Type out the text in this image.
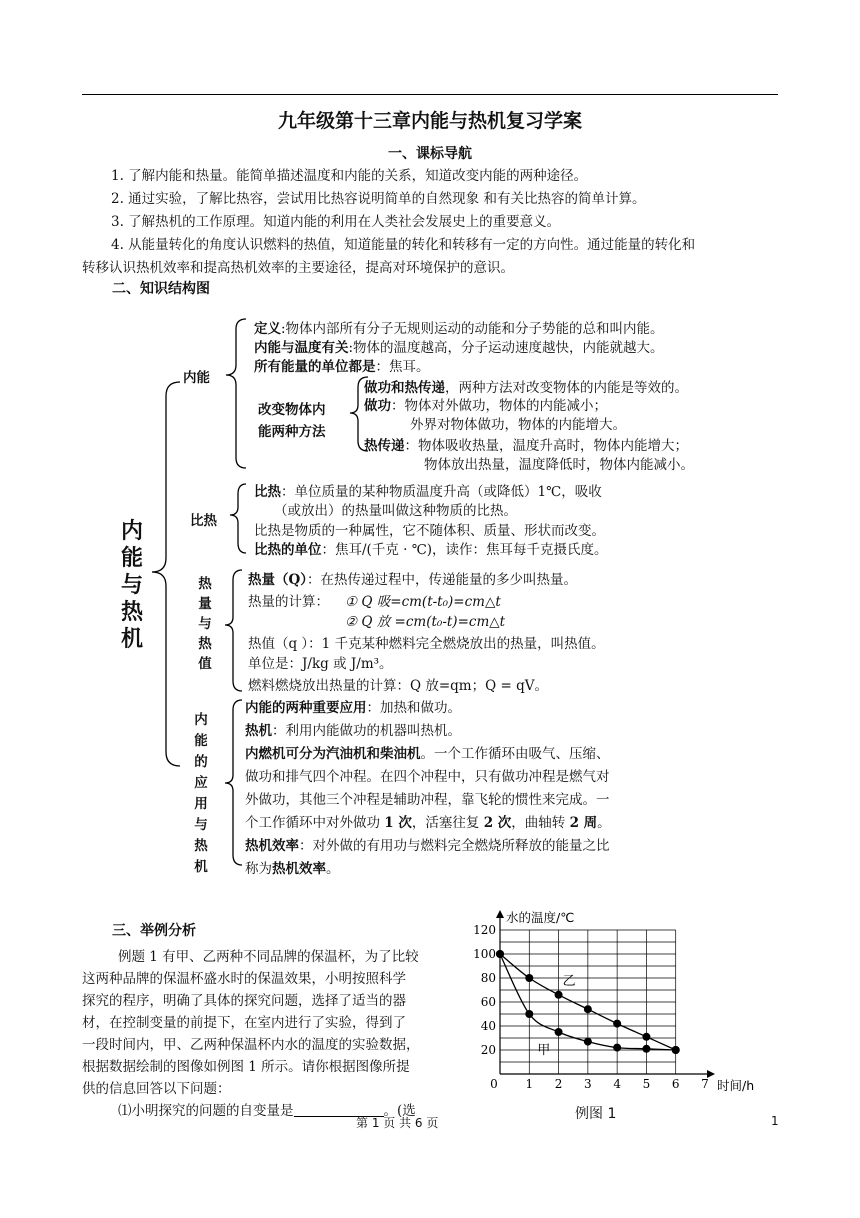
九年级第十三章内能与热机复习学案
一、课标导航
1. 了解内能和热量。能简单描述温度和内能的关系，知道改变内能的两种途径。
2. 通过实验，了解比热容，尝试用比热容说明简单的自然现象 和有关比热容的简单计算。
3. 了解热机的工作原理。知道内能的利用在人类社会发展史上的重要意义。
4. 从能量转化的角度认识燃料的热值，知道能量的转化和转移有一定的方向性。通过能量的转化和
转移认识热机效率和提高热机效率的主要途径，提高对环境保护的意识。
二、知识结构图
内能与热机
内能
定义:物体内部所有分子无规则运动的动能和分子势能的总和叫内能。
内能与温度有关:物体的温度越高，分子运动速度越快，内能就越大。
所有能量的单位都是：焦耳。
改变物体内
能两种方法
做功和热传递，两种方法对改变物体的内能是等效的。
做功：物体对外做功，物体的内能减小；
外界对物体做功，物体的内能增大。
热传递：物体吸收热量，温度升高时，物体内能增大；
物体放出热量，温度降低时，物体内能减小。
比热
比热：单位质量的某种物质温度升高（或降低）1℃，吸收
（或放出）的热量叫做这种物质的比热。
比热是物质的一种属性，它不随体积、质量、形状而改变。
比热的单位：焦耳/(千克 · ℃)，读作：焦耳每千克摄氏度。
热量与热值
热量（Q）：在热传递过程中，传递能量的多少叫热量。
热量的计算： ① Q 吸=cm(t-t₀)=cm△t
② Q 放 =cm(t₀-t)=cm△t
热值（q ）：1 千克某种燃料完全燃烧放出的热量，叫热值。
单位是：J/kg 或 J/m³。
燃料燃烧放出热量的计算：Q 放=qm；Q = qV。
内能的应用与热机
内能的两种重要应用：加热和做功。
热机：利用内能做功的机器叫热机。
内燃机可分为汽油机和柴油机。一个工作循环由吸气、压缩、
做功和排气四个冲程。在四个冲程中，只有做功冲程是燃气对
外做功，其他三个冲程是辅助冲程，靠飞轮的惯性来完成。一
个工作循环中对外做功 1 次，活塞往复 2 次，曲轴转 2 周。
热机效率：对外做的有用功与燃料完全燃烧所释放的能量之比
称为热机效率。
三、举例分析
例题 1 有甲、乙两种不同品牌的保温杯，为了比较
这两种品牌的保温杯盛水时的保温效果，小明按照科学
探究的程序，明确了具体的探究问题，选择了适当的器
材，在控制变量的前提下，在室内进行了实验，得到了
一段时间内，甲、乙两种保温杯内水的温度的实验数据，
根据数据绘制的图像如例图 1 所示。请你根据图像所提
供的信息回答以下问题：
⑴小明探究的问题的自变量是	。(选
20
40
60
80
100
120
0 1 2 3 4 5 6 7
水的温度/℃
时间/h
乙
甲
例图 1
第 1 页 共 6 页	1
